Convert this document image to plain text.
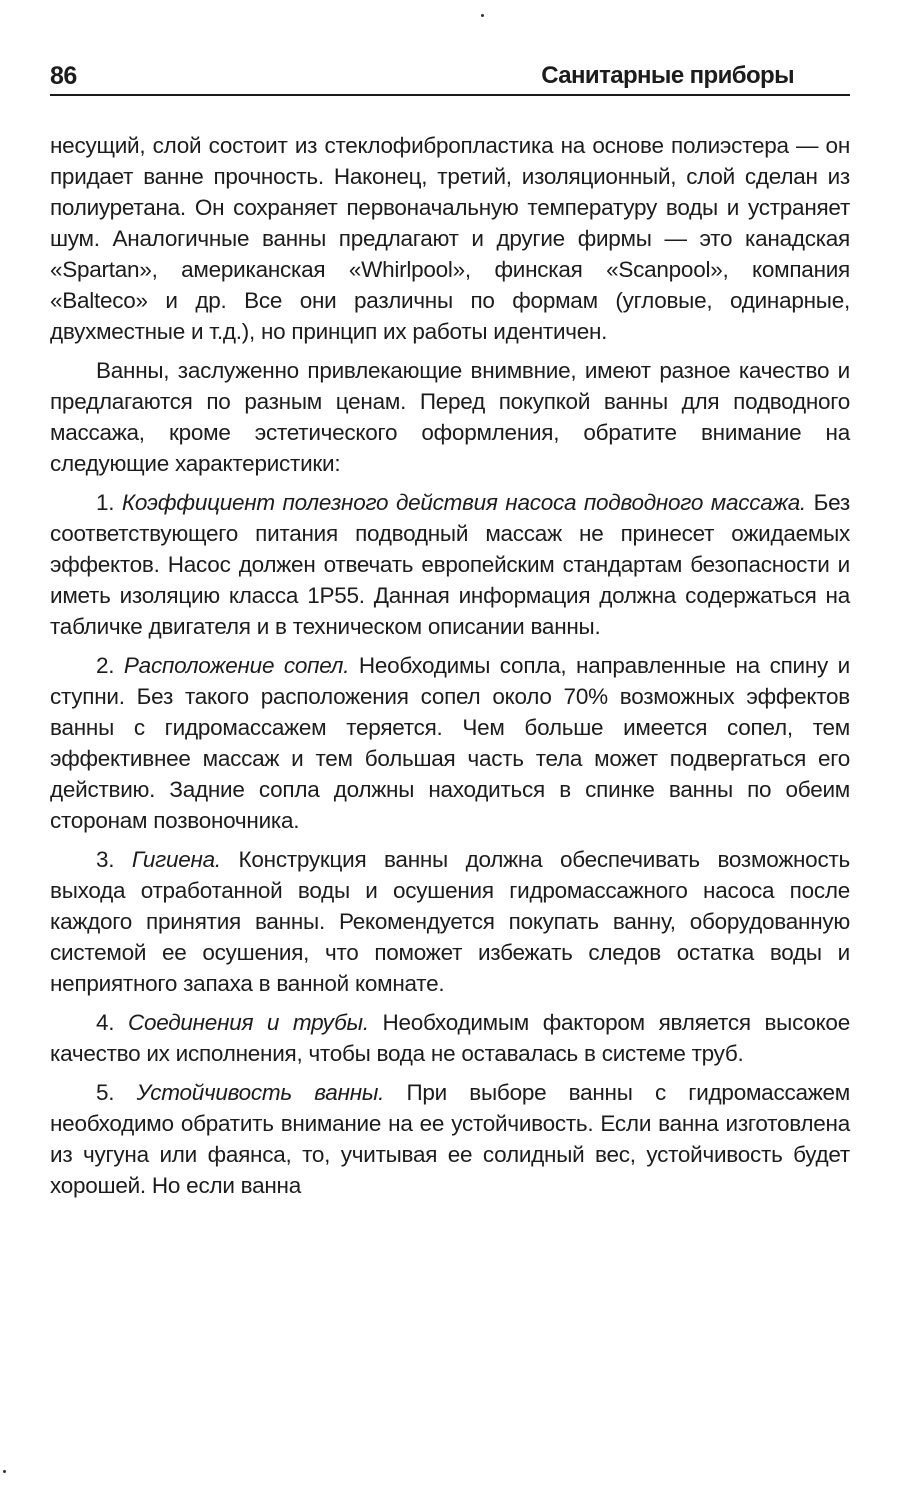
86	Санитарные приборы

несущий, слой состоит из стеклофибропластика на основе полиэстера — он придает ванне прочность. Наконец, третий, изоляционный, слой сделан из полиуретана. Он сохраняет первоначальную температуру воды и устраняет шум. Аналогичные ванны предлагают и другие фирмы — это канадская «Spartan», американская «Whirlpool», финская «Scanpool», компания «Balteco» и др. Все они различны по формам (угловые, одинарные, двухместные и т.д.), но принцип их работы идентичен.

Ванны, заслуженно привлекающие внимвние, имеют разное качество и предлагаются по разным ценам. Перед покупкой ванны для подводного массажа, кроме эстетического оформления, обратите внимание на следующие характеристики:

1. Коэффициент полезного действия насоса подводного массажа. Без соответствующего питания подводный массаж не принесет ожидаемых эффектов. Насос должен отвечать европейским стандартам безопасности и иметь изоляцию класса 1Р55. Данная информация должна содержаться на табличке двигателя и в техническом описании ванны.

2. Расположение сопел. Необходимы сопла, направленные на спину и ступни. Без такого расположения сопел около 70% возможных эффектов ванны с гидромассажем теряется. Чем больше имеется сопел, тем эффективнее массаж и тем большая часть тела может подвергаться его действию. Задние сопла должны находиться в спинке ванны по обеим сторонам позвоночника.

3. Гигиена. Конструкция ванны должна обеспечивать возможность выхода отработанной воды и осушения гидромассажного насоса после каждого принятия ванны. Рекомендуется покупать ванну, оборудованную системой ее осушения, что поможет избежать следов остатка воды и неприятного запаха в ванной комнате.

4. Соединения и трубы. Необходимым фактором является высокое качество их исполнения, чтобы вода не оставалась в системе труб.

5. Устойчивость ванны. При выборе ванны с гидромассажем необходимо обратить внимание на ее устойчивость. Если ванна изготовлена из чугуна или фаянса, то, учитывая ее солидный вес, устойчивость будет хорошей. Но если ванна
